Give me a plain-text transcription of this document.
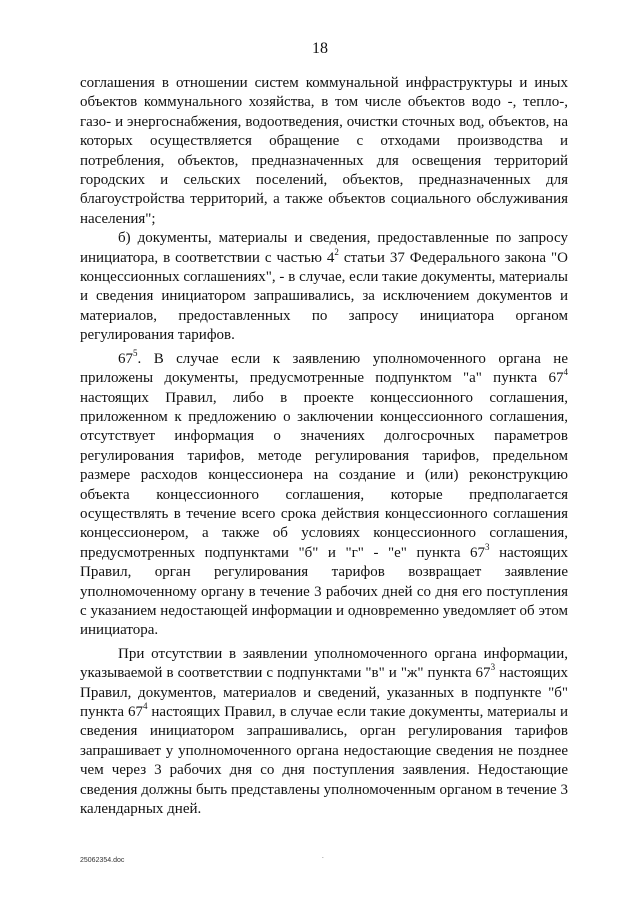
18

соглашения в отношении систем коммунальной инфраструктуры и иных объектов коммунального хозяйства, в том числе объектов водо -, тепло-, газо- и энергоснабжения, водоотведения, очистки сточных вод, объектов, на которых осуществляется обращение с отходами производства и потребления, объектов, предназначенных для освещения территорий городских и сельских поселений, объектов, предназначенных для благоустройства территорий, а также объектов социального обслуживания населения";

б) документы, материалы и сведения, предоставленные по запросу инициатора, в соответствии с частью $4^2$ статьи 37 Федерального закона "О концессионных соглашениях", - в случае, если такие документы, материалы и сведения инициатором запрашивались, за исключением документов и материалов, предоставленных по запросу инициатора органом регулирования тарифов.

$67^5$. В случае если к заявлению уполномоченного органа не приложены документы, предусмотренные подпунктом "а" пункта $67^4$ настоящих Правил, либо в проекте концессионного соглашения, приложенном к предложению о заключении концессионного соглашения, отсутствует информация о значениях долгосрочных параметров регулирования тарифов, методе регулирования тарифов, предельном размере расходов концессионера на создание и (или) реконструкцию объекта концессионного соглашения, которые предполагается осуществлять в течение всего срока действия концессионного соглашения концессионером, а также об условиях концессионного соглашения, предусмотренных подпунктами "б" и "г" - "е" пункта $67^3$ настоящих Правил, орган регулирования тарифов возвращает заявление уполномоченному органу в течение 3 рабочих дней со дня его поступления с указанием недостающей информации и одновременно уведомляет об этом инициатора.

При отсутствии в заявлении уполномоченного органа информации, указываемой в соответствии с подпунктами "в" и "ж" пункта $67^3$ настоящих Правил, документов, материалов и сведений, указанных в подпункте "б" пункта $67^4$ настоящих Правил, в случае если такие документы, материалы и сведения инициатором запрашивались, орган регулирования тарифов запрашивает у уполномоченного органа недостающие сведения не позднее чем через 3 рабочих дня со дня поступления заявления. Недостающие сведения должны быть представлены уполномоченным органом в течение 3 календарных дней.

.
25062354.doc
